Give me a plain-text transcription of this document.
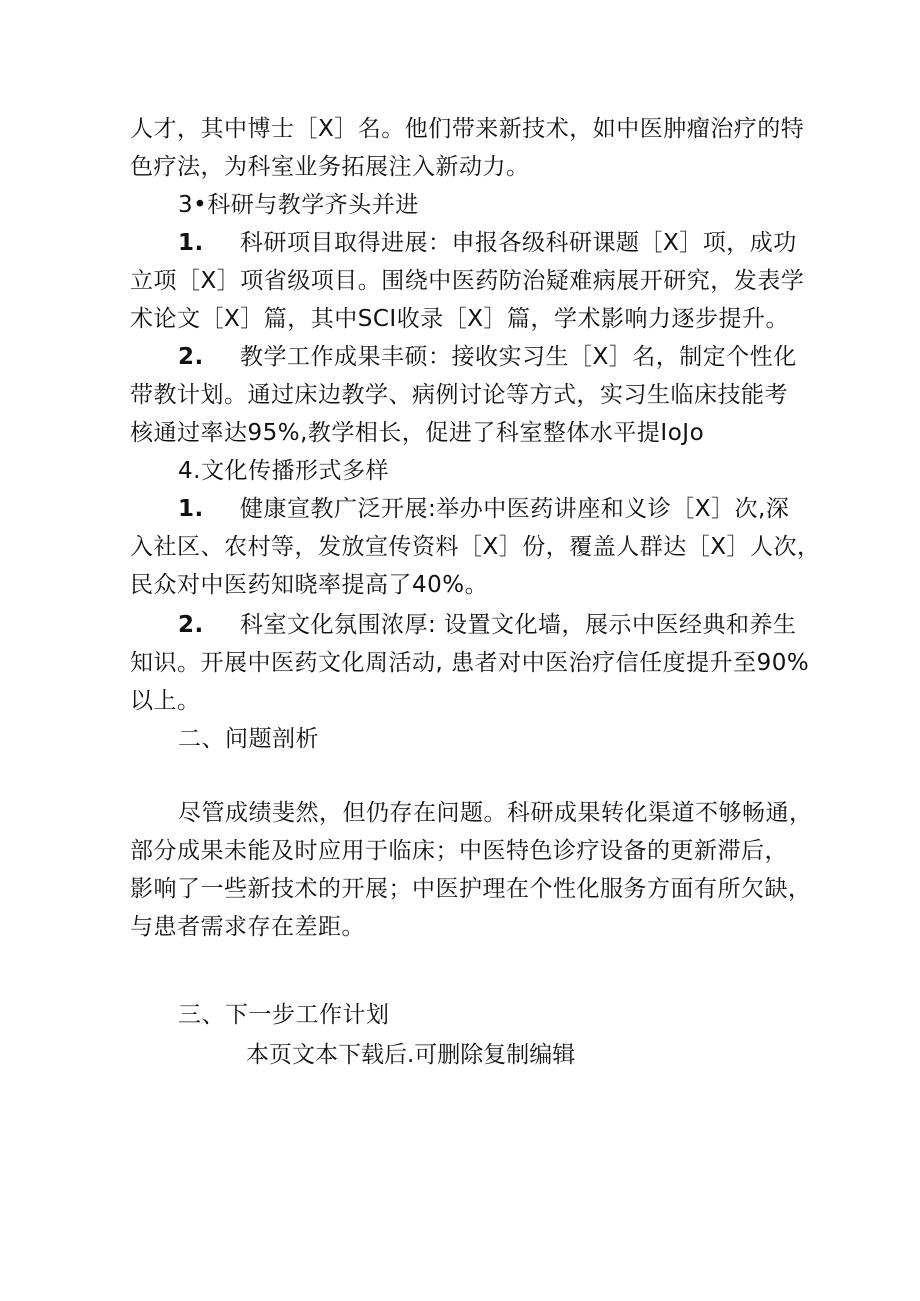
人才，其中博士［X］名。他们带来新技术，如中医肿瘤治疗的特
色疗法，为科室业务拓展注入新动力。
3•科研与教学齐头并进
1. 科研项目取得进展：申报各级科研课题［X］项，成功
立项［X］项省级项目。围绕中医药防治疑难病展开研究，发表学
术论文［X］篇，其中SCI收录［X］篇，学术影响力逐步提升。
2. 教学工作成果丰硕：接收实习生［X］名，制定个性化
带教计划。通过床边教学、病例讨论等方式，实习生临床技能考
核通过率达95%,教学相长，促进了科室整体水平提IoJo
4.文化传播形式多样
1. 健康宣教广泛开展:举办中医药讲座和义诊［X］次,深
入社区、农村等，发放宣传资料［X］份，覆盖人群达［X］人次，
民众对中医药知晓率提高了40%。
2. 科室文化氛围浓厚: 设置文化墙，展示中医经典和养生
知识。开展中医药文化周活动, 患者对中医治疗信任度提升至90%
以上。
二、问题剖析
尽管成绩斐然，但仍存在问题。科研成果转化渠道不够畅通，
部分成果未能及时应用于临床；中医特色诊疗设备的更新滞后，
影响了一些新技术的开展；中医护理在个性化服务方面有所欠缺，
与患者需求存在差距。
三、下一步工作计划
本页文本下载后.可删除复制编辑
